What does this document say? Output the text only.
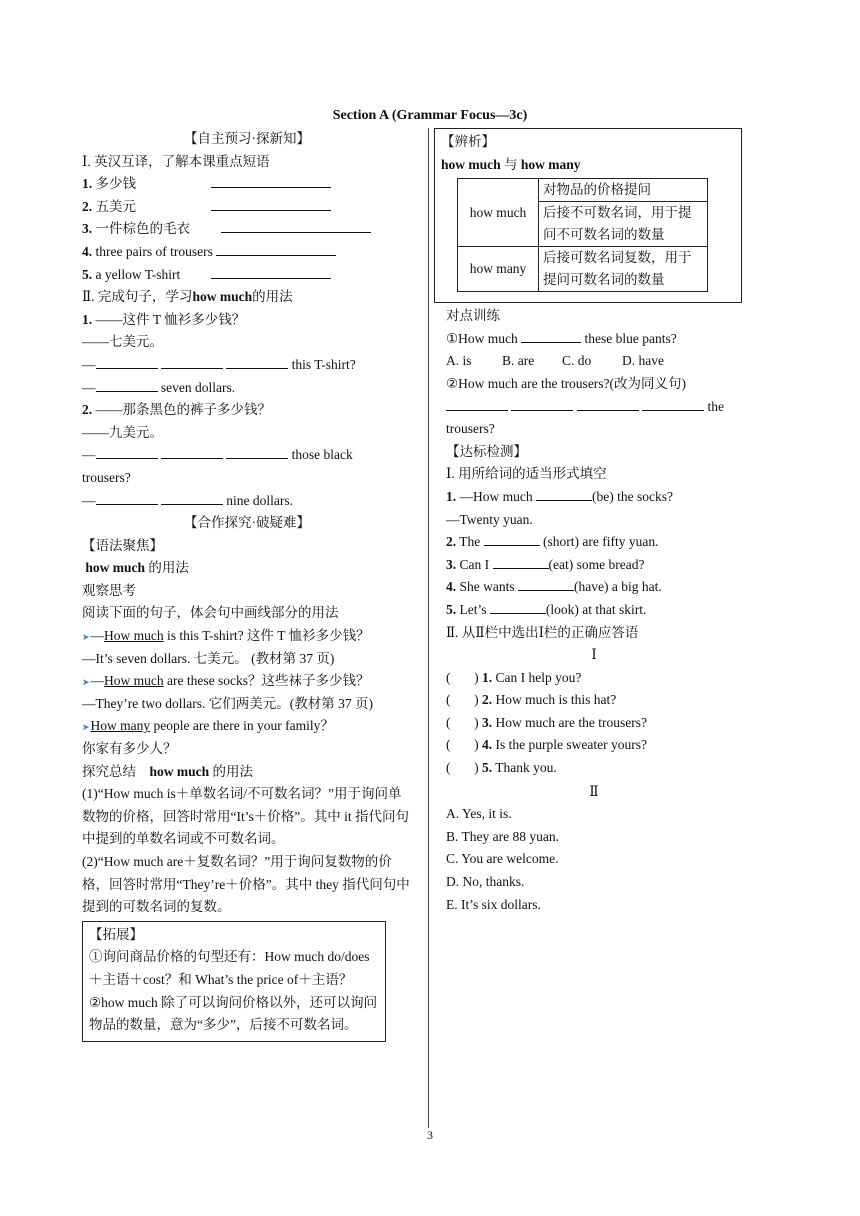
Section A (Grammar Focus—3c)
【自主预习·探新知】
Ⅰ. 英汉互译，了解本课重点短语
1. 多少钱
2. 五美元
3. 一件棕色的毛衣
4. three pairs of trousers
5. a yellow T-shirt
Ⅱ. 完成句子，学习how much的用法
1. ——这件 T 恤衫多少钱？
——七美元。
—	this T-shirt?
—	seven dollars.
2. ——那条黑色的裤子多少钱？
——九美元。
—	those black
trousers?
—	nine dollars.
【合作探究·破疑难】
【语法聚焦】
how much 的用法
观察思考
阅读下面的句子，体会句中画线部分的用法
➤—How much is this T-shirt? 这件 T 恤衫多少钱？
—It’s seven dollars. 七美元。 (教材第 37 页)
➤—How much are these socks？这些袜子多少钱？
—They’re two dollars. 它们两美元。(教材第 37 页)
➤How many people are there in your family？
你家有多少人？
探究总结 how much 的用法
(1)“How much is＋单数名词/不可数名词？”用于询问单数物的价格，回答时常用“It’s＋价格”。其中 it 指代问句中提到的单数名词或不可数名词。
(2)“How much are＋复数名词？”用于询问复数物的价格，回答时常用“They’re＋价格”。其中 they 指代问句中提到的可数名词的复数。
【拓展】
①询问商品价格的句型还有：How much do/does＋主语＋cost？和 What’s the price of＋主语？
②how much 除了可以询问价格以外，还可以询问物品的数量，意为“多少”，后接不可数名词。
【辨析】
how much 与 how many
how much	对物品的价格提问
	后接不可数名词，用于提问不可数名词的数量
how many	后接可数名词复数，用于提问可数名词的数量
对点训练
①How much	these blue pants?
A. is B. are C. do D. have
②How much are the trousers?(改为同义句)
the
trousers?
【达标检测】
Ⅰ. 用所给词的适当形式填空
1. —How much	(be) the socks?
—Twenty yuan.
2. The	(short) are fifty yuan.
3. Can I	(eat) some bread?
4. She wants	(have) a big hat.
5. Let’s	(look) at that skirt.
Ⅱ. 从Ⅱ栏中选出Ⅰ栏的正确应答语
Ⅰ
(       ) 1. Can I help you?
(       ) 2. How much is this hat?
(       ) 3. How much are the trousers?
(       ) 4. Is the purple sweater yours?
(       ) 5. Thank you.
Ⅱ
A. Yes, it is.
B. They are 88 yuan.
C. You are welcome.
D. No, thanks.
E. It’s six dollars.
3
